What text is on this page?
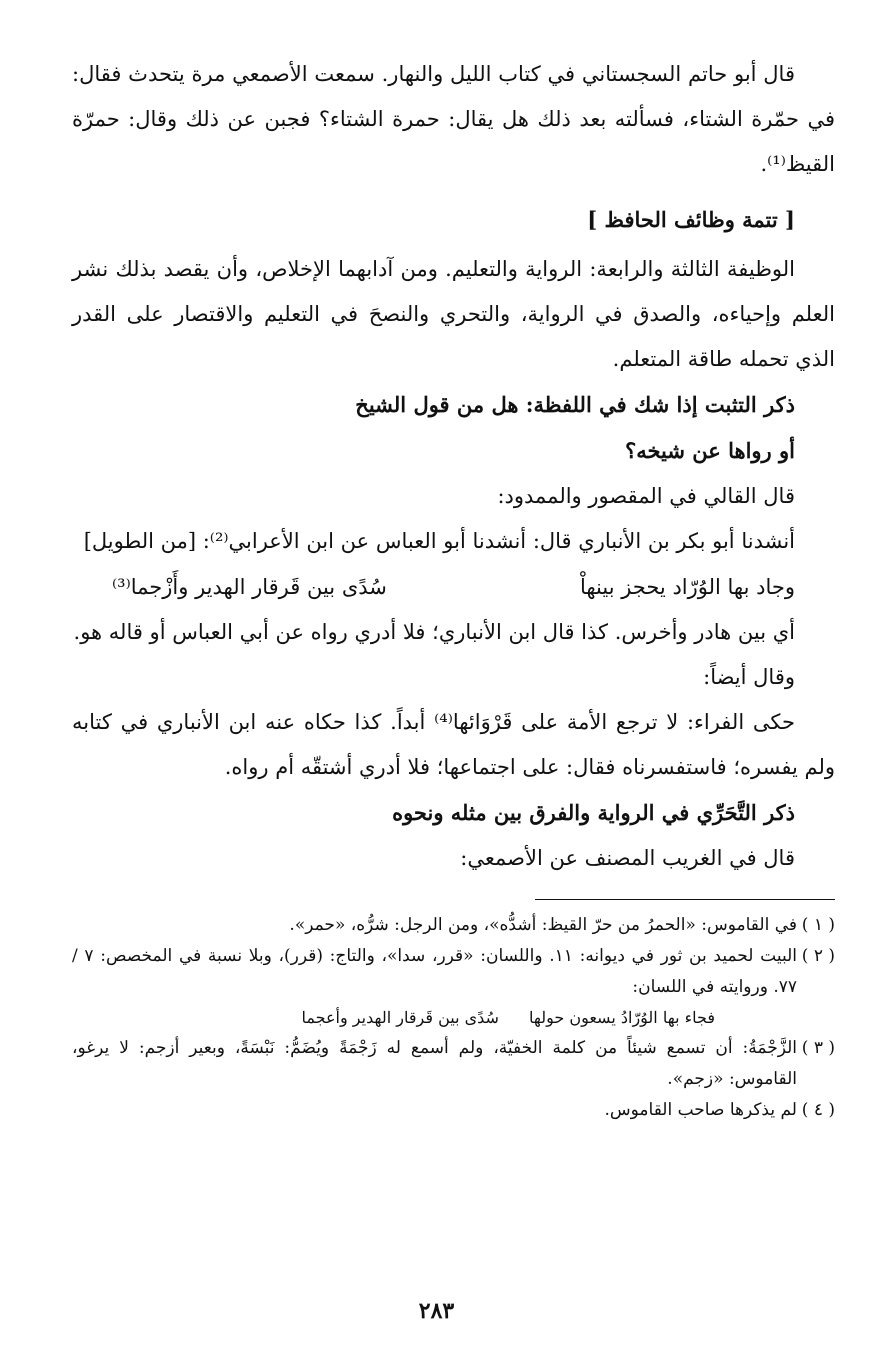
قال أبو حاتم السجستاني في كتاب الليل والنهار. سمعت الأصمعي مرة يتحدث فقال: في حمّرة الشتاء، فسألته بعد ذلك هل يقال: حمرة الشتاء؟ فجبن عن ذلك وقال: حمرّة القيظ⁽¹⁾.

[ تتمة وظائف الحافظ ]

الوظيفة الثالثة والرابعة: الرواية والتعليم. ومن آدابهما الإخلاص، وأن يقصد بذلك نشر العلم وإحياءه، والصدق في الرواية، والتحري والنصحَ في التعليم والاقتصار على القدر الذي تحمله طاقة المتعلم.

ذكر التثبت إذا شك في اللفظة: هل من قول الشيخ

أو رواها عن شيخه؟

قال القالي في المقصور والممدود:

أنشدنا أبو بكر بن الأنباري قال: أنشدنا أبو العباس عن ابن الأعرابي⁽²⁾: [من الطويل]

وجاد بها الوُرّاد يحجز بينهاْ
سُدًى بين قَرقار الهدير وأَزْجما⁽³⁾

أي بين هادر وأخرس. كذا قال ابن الأنباري؛ فلا أدري رواه عن أبي العباس أو قاله هو.

وقال أيضاً:

حكى الفراء: لا ترجع الأمة على قَرْوَائها⁽⁴⁾ أبداً. كذا حكاه عنه ابن الأنباري في كتابه ولم يفسره؛ فاستفسرناه فقال: على اجتماعها؛ فلا أدري أشتقّه أم رواه.

ذكر التَّحَرِّي في الرواية والفرق بين مثله ونحوه

قال في الغريب المصنف عن الأصمعي:

( ١ )
في القاموس: «الحمرُ من حرّ القيظ: أشدُّه»، ومن الرجل: شرُّه، «حمر».
( ٢ )
البيت لحميد بن ثور في ديوانه: ١١. واللسان: «قرر، سدا»، والتاج: (قرر)، وبلا نسبة في المخصص: ٧ / ٧٧. وروايته في اللسان:
فجاء بها الوُرّادُ يسعون حولها
سُدًى بين قَرقار الهدير وأعجما
( ٣ )
الزَّجْمَةُ: أن تسمع شيئاً من كلمة الخفيّة، ولم أسمع له زَجْمَةً ويُضَمُّ: نَبْسَةً، وبعير أزجم: لا يرغو، القاموس: «زجم».
( ٤ )
لم يذكرها صاحب القاموس.
٢٨٣
